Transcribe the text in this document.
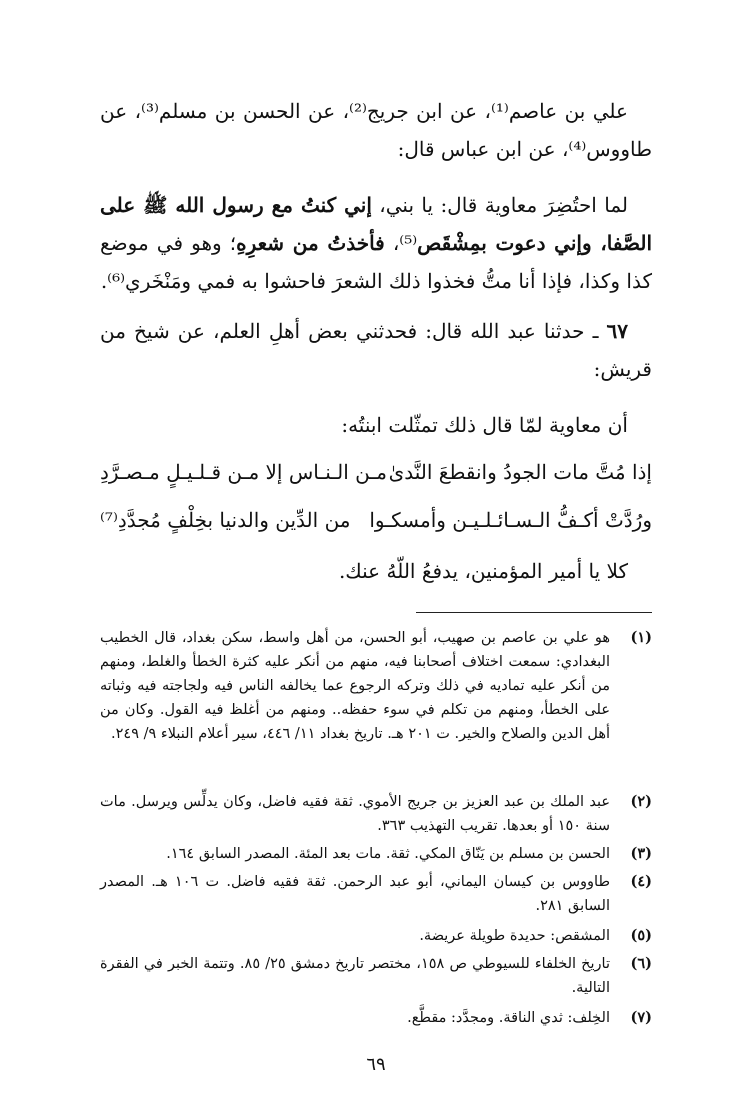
علي بن عاصم⁽¹⁾، عن ابن جريج⁽²⁾، عن الحسن بن مسلم⁽³⁾، عن طاووس⁽⁴⁾، عن ابن عباس قال:
لما احتُضِرَ معاوية قال: يا بني، إني كنتُ مع رسول الله ﷺ على الصَّفا، وإني دعوت بمِشْقَص⁽⁵⁾، فأخذتُ من شعرِهِ؛ وهو في موضع كذا وكذا، فإذا أنا متُّ فخذوا ذلك الشعرَ فاحشوا به فمي ومَنْخَري⁽⁶⁾.
٦٧ ـ حدثنا عبد الله قال: فحدثني بعض أهلِ العلم، عن شيخ من قريش:
أن معاوية لمّا قال ذلك تمثّلت ابنتُه:
إذا مُتَّ مات الجودُ وانقطعَ النَّدىٰ
مـن الـنـاس إلا مـن قـلـيـلٍ مـصـرَّدِ
ورُدَّتْ أكـفُّ الـسـائـلـيـن وأمسكـوا
من الدِّين والدنيا بخِلْفٍ مُجدَّدِ⁽⁷⁾
كلا يا أمير المؤمنين، يدفعُ اللّهُ عنك.
(١)
هو علي بن عاصم بن صهيب، أبو الحسن، من أهل واسط، سكن بغداد، قال الخطيب البغدادي: سمعت اختلاف أصحابنا فيه، منهم من أنكر عليه كثرة الخطأ والغلط، ومنهم من أنكر عليه تماديه في ذلك وتركه الرجوع عما يخالفه الناس فيه ولجاجته فيه وثباته على الخطأ، ومنهم من تكلم في سوء حفظه.. ومنهم من أغلظ فيه القول. وكان من أهل الدين والصلاح والخير. ت ٢٠١ هـ. تاريخ بغداد ١١/ ٤٤٦، سير أعلام النبلاء ٩/ ٢٤٩.
(٢)
عبد الملك بن عبد العزيز بن جريج الأموي. ثقة فقيه فاضل، وكان يدلِّس ويرسل. مات سنة ١٥٠ أو بعدها. تقريب التهذيب ٣٦٣.
(٣)
الحسن بن مسلم بن يَنّاق المكي. ثقة. مات بعد المئة. المصدر السابق ١٦٤.
(٤)
طاووس بن كيسان اليماني، أبو عبد الرحمن. ثقة فقيه فاضل. ت ١٠٦ هـ. المصدر السابق ٢٨١.
(٥)
المشقص: حديدة طويلة عريضة.
(٦)
تاريخ الخلفاء للسيوطي ص ١٥٨، مختصر تاريخ دمشق ٢٥/ ٨٥. وتتمة الخبر في الفقرة التالية.
(٧)
الخِلف: ثدي الناقة. ومجدَّد: مقطَّع.
٦٩
